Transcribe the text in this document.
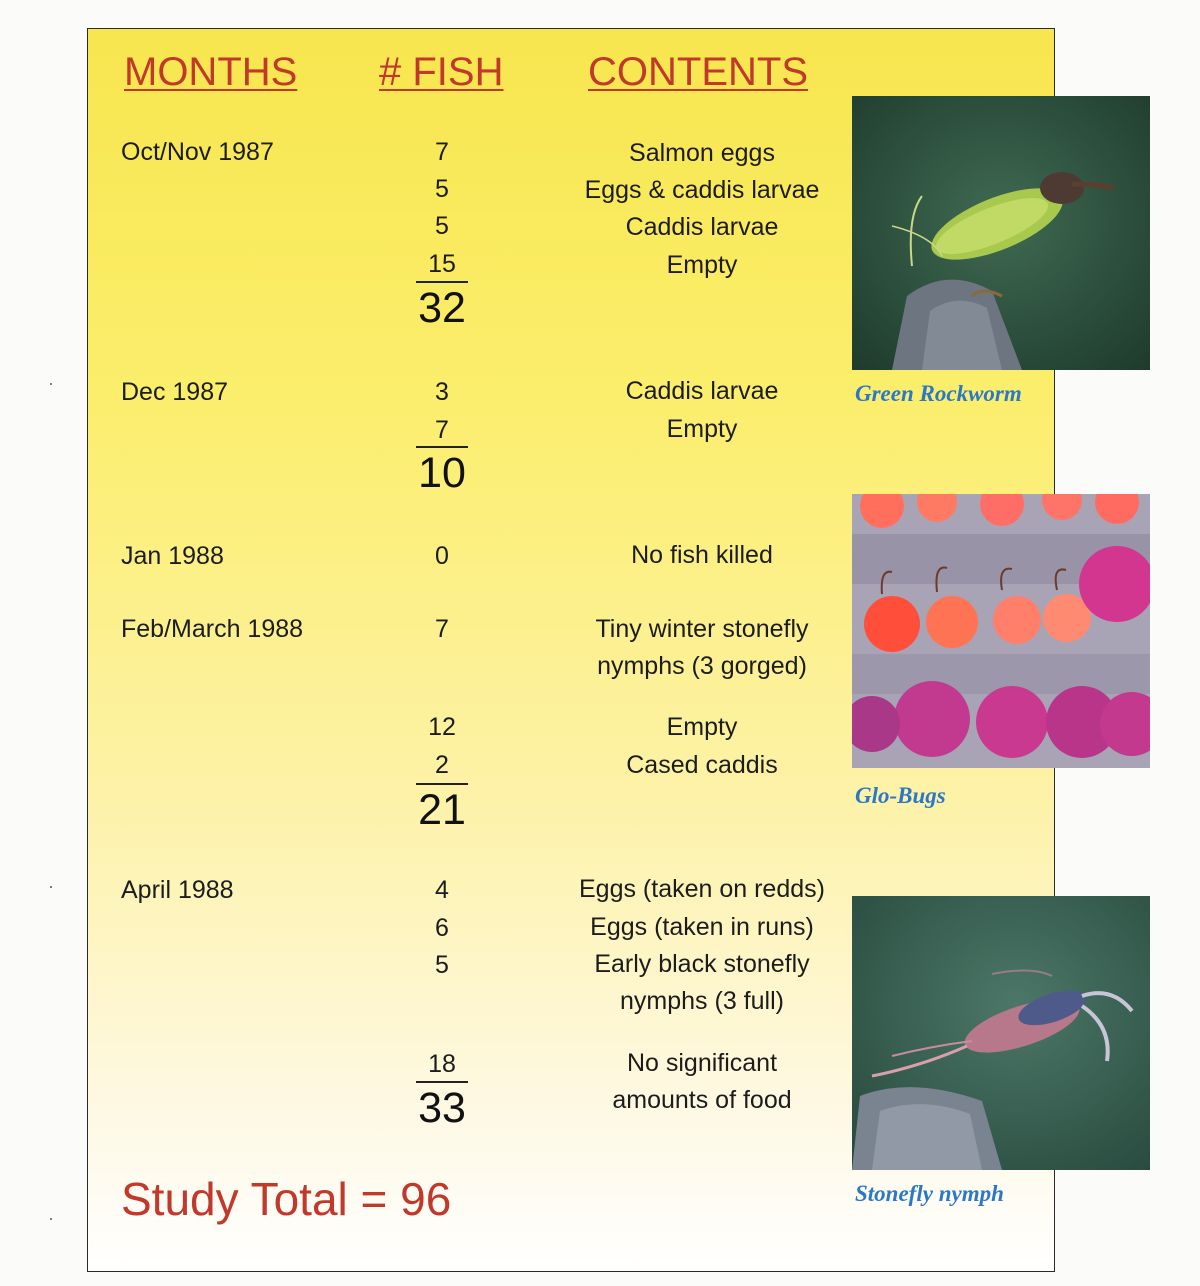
MONTHS # FISH CONTENTS
Oct/Nov 1987	7	Salmon eggs
5	Eggs & caddis larvae
5	Caddis larvae
15	Empty
32
Dec 1987	3	Caddis larvae
7	Empty
10
Jan 1988	0	No fish killed
Feb/March 1988	7	Tiny winter stonefly nymphs (3 gorged)
12	Empty
2	Cased caddis
21
April 1988	4	Eggs (taken on redds)
6	Eggs (taken in runs)
5	Early black stonefly nymphs (3 full)
18	No significant amounts of food
33
Study Total = 96
Green Rockworm
Glo-Bugs
Stonefly nymph
